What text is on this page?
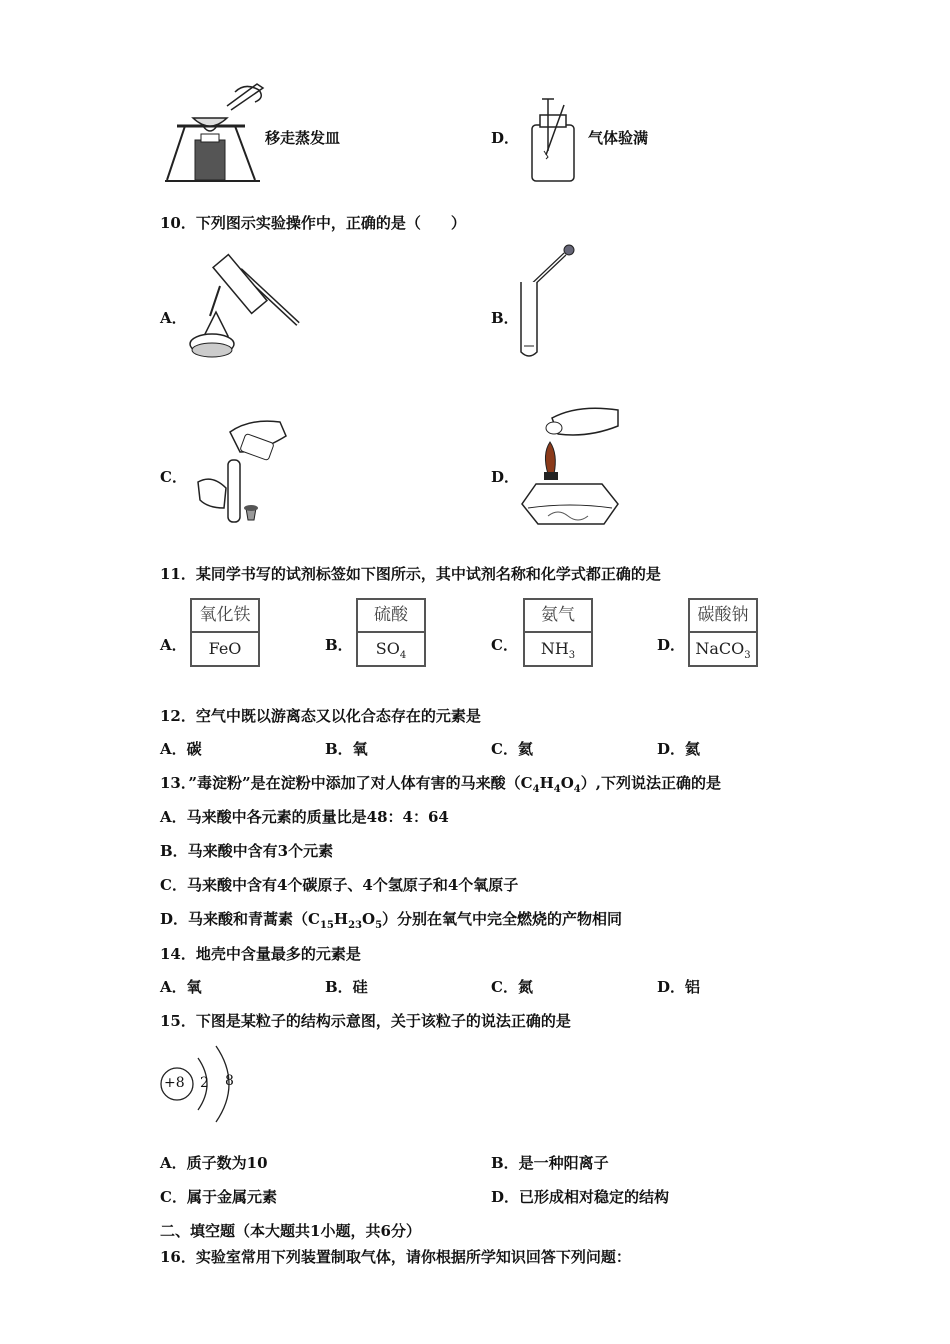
移走蒸发皿	D．	气体验满
10．下列图示实验操作中，正确的是（　　）
A．	B．
C．	D．
11．某同学书写的试剂标签如下图所示，其中试剂名称和化学式都正确的是
A．
氧化铁
FeO	B．
硫酸
$SO_4$
C．
氨气
$NH_3$
D．
碳酸钠
NaCO$_3$
12．空气中既以游离态又以化合态存在的元素是
A．碳	B．氧	C．氦	D．氦
13．”毒淀粉”是在淀粉中添加了对人体有害的马来酸$(C_4H_4O_4)$,下列说法正确的是
A．马来酸中各元素的质量比是48：4：64
B．马来酸中含有3个元素
C．马来酸中含有4个碳原子、4个氢原子和4个氧原子
D．马来酸和青蒿素$(C_{15}H_{23}O_5)$分别在氧气中完全燃烧的产物相同
14．地壳中含量最多的元素是
A．氧	B．硅	C．氮	D．铝
15．下图是某粒子的结构示意图，关于该粒子的说法正确的是
+8 2 8
A．质子数为10	B．是一种阳离子
C．属于金属元素	D．已形成相对稳定的结构
二、填空题（本大题共1小题，共6分）
16．实验室常用下列装置制取气体，请你根据所学知识回答下列问题：
